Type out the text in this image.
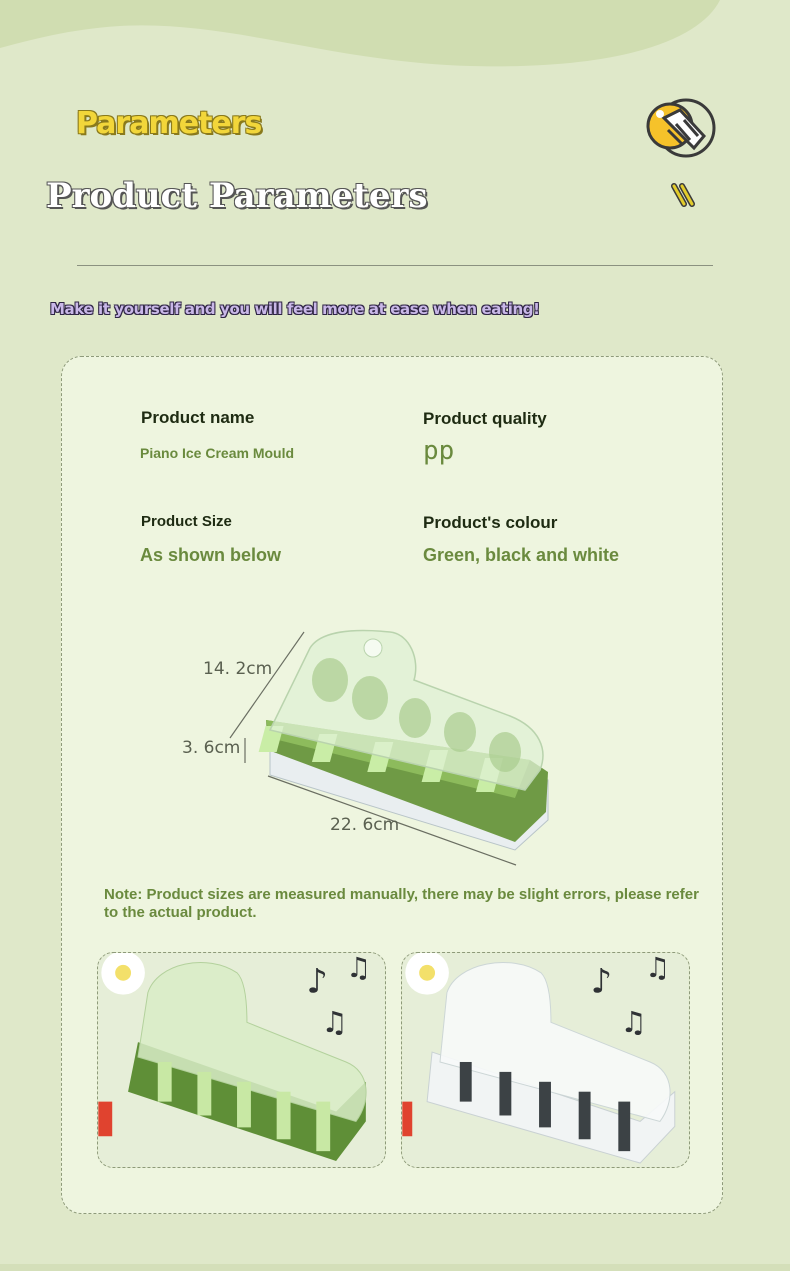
Parameters
Product Parameters
Make it yourself and you will feel more at ease when eating!
Product name
Piano Ice Cream Mould
Product quality
pp
Product Size
As shown below
Product's colour
Green, black and white
14. 2cm
3. 6cm
22. 6cm
Note: Product sizes are measured manually, there may be slight errors, please refer to the actual product.
♪ ♫
♫
♪ ♫
♫
